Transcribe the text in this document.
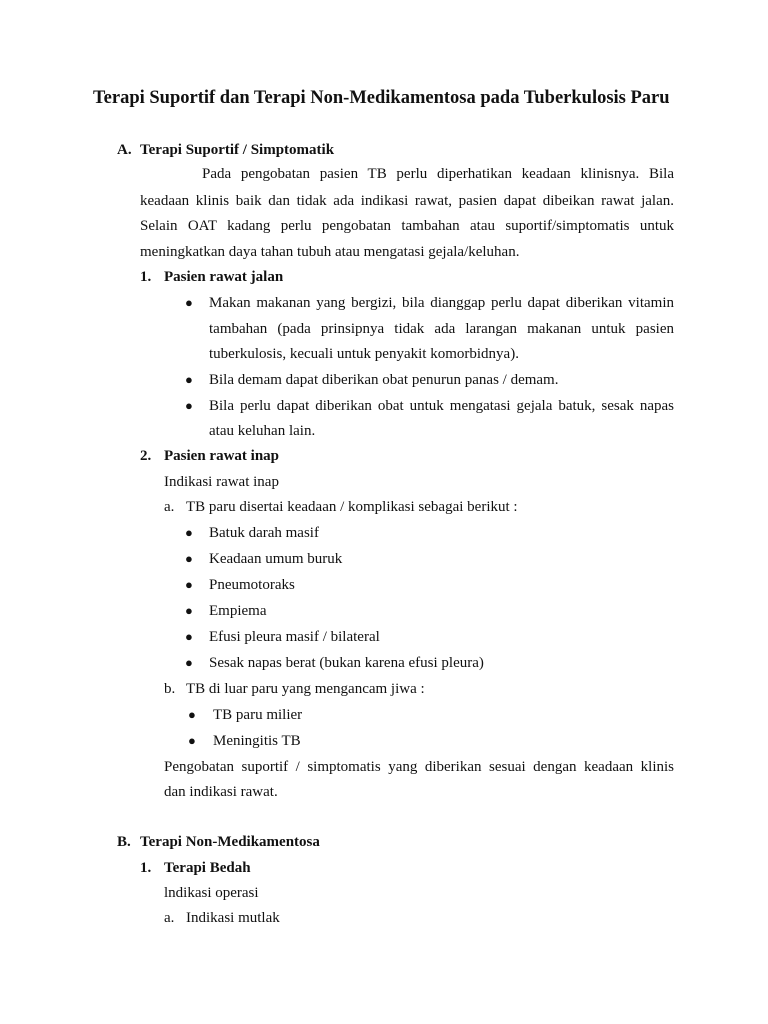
Terapi Suportif dan Terapi Non-Medikamentosa pada Tuberkulosis Paru
A. Terapi Suportif / Simptomatik
Pada pengobatan pasien TB perlu diperhatikan keadaan klinisnya. Bila
keadaan klinis baik dan tidak ada indikasi rawat, pasien dapat dibeikan rawat jalan.
Selain OAT kadang perlu pengobatan tambahan atau suportif/simptomatis untuk
meningkatkan daya tahan tubuh atau mengatasi gejala/keluhan.
1. Pasien rawat jalan
● Makan makanan yang bergizi, bila dianggap perlu dapat diberikan vitamin
tambahan (pada prinsipnya tidak ada larangan makanan untuk pasien
tuberkulosis, kecuali untuk penyakit komorbidnya).
● Bila demam dapat diberikan obat penurun panas / demam.
● Bila perlu dapat diberikan obat untuk mengatasi gejala batuk, sesak napas
atau keluhan lain.
2. Pasien rawat inap
Indikasi rawat inap
a. TB paru disertai keadaan / komplikasi sebagai berikut :
● Batuk darah masif
● Keadaan umum buruk
● Pneumotoraks
● Empiema
● Efusi pleura masif / bilateral
● Sesak napas berat (bukan karena efusi pleura)
b. TB di luar paru yang mengancam jiwa :
● TB paru milier
● Meningitis TB
Pengobatan suportif / simptomatis yang diberikan sesuai dengan keadaan klinis
dan indikasi rawat.
B. Terapi Non-Medikamentosa
1. Terapi Bedah
lndikasi operasi
a. Indikasi mutlak
